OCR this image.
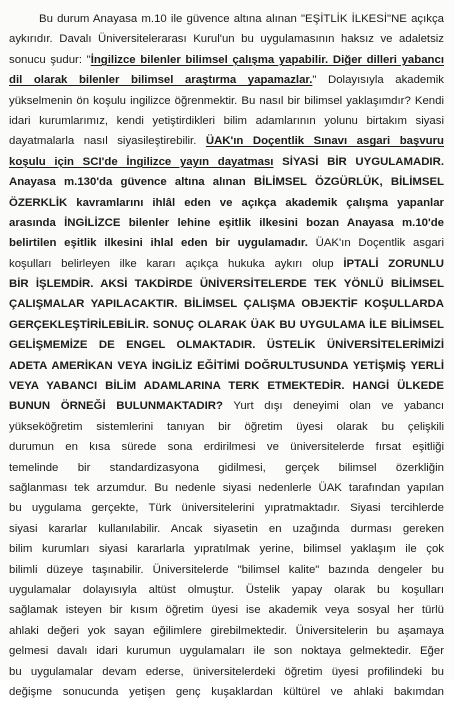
Bu durum Anayasa m.10 ile güvence altına alınan "EŞİTLİK İLKESİ"NE açıkça
aykırıdır. Davalı Üniversitelerarası Kurul'un bu uygulamasının haksız ve adaletsiz
sonucu şudur: "İngilizce bilenler bilimsel çalışma yapabilir. Diğer dilleri yabancı
dil olarak bilenler bilimsel araştırma yapamazlar." Dolayısıyla akademik
yükselmenin ön koşulu ingilizce öğrenmektir. Bu nasıl bir bilimsel yaklaşımdır? Kendi
idari kurumlarımız, kendi yetiştirdikleri bilim adamlarının yolunu birtakım siyasi
dayatmalarla nasıl siyasileştirebilir. ÜAK'ın Doçentlik Sınavı asgari başvuru
koşulu için SCI'de İngilizce yayın dayatması SİYASİ BİR UYGULAMADIR.
Anayasa m.130'da güvence altına alınan BİLİMSEL ÖZGÜRLÜK, BİLİMSEL
ÖZERKLİK kavramlarını ihlâl eden ve açıkça akademik çalışma yapanlar
arasında İNGİLİZCE bilenler lehine eşitlik ilkesini bozan Anayasa m.10'de
belirtilen eşitlik ilkesini ihlal eden bir uygulamadır. ÜAK'ın Doçentlik asgari
koşulları belirleyen ilke kararı açıkça hukuka aykırı olup İPTALİ ZORUNLU
BİR İŞLEMDİR. AKSİ TAKDİRDE ÜNİVERSİTELERDE TEK YÖNLÜ BİLİMSEL
ÇALIŞMALAR YAPILACAKTIR. BİLİMSEL ÇALIŞMA OBJEKTİF KOŞULLARDA
GERÇEKLEŞTİRİLEBİLİR. SONUÇ OLARAK ÜAK BU UYGULAMA İLE BİLİMSEL
GELİŞMEMİZE DE ENGEL OLMAKTADIR. ÜSTELİK ÜNİVERSİTELERİMİZİ
ADETA AMERİKAN VEYA İNGİLİZ EĞİTİMİ DOĞRULTUSUNDA YETİŞMİŞ YERLİ
VEYA YABANCI BİLİM ADAMLARINA TERK ETMEKTEDİR. HANGİ ÜLKEDE
BUNUN ÖRNEĞİ BULUNMAKTADIR? Yurt dışı deneyimi olan ve yabancı
yükseköğretim sistemlerini tanıyan bir öğretim üyesi olarak bu çelişkili
durumun en kısa sürede sona erdirilmesi ve üniversitelerde fırsat eşitliği
temelinde bir standardizasyona gidilmesi, gerçek bilimsel özerkliğin
sağlanması tek arzumdur. Bu nedenle siyasi nedenlerle ÜAK tarafından yapılan
bu uygulama gerçekte, Türk üniversitelerini yıpratmaktadır. Siyasi tercihlerde
siyasi kararlar kullanılabilir. Ancak siyasetin en uzağında durması gereken
bilim kurumları siyasi kararlarla yıpratılmak yerine, bilimsel yaklaşım ile çok
bilimli düzeye taşınabilir. Üniversitelerde "bilimsel kalite" bazında dengeler bu
uygulamalar dolayısıyla altüst olmuştur. Üstelik yapay olarak bu koşulları
sağlamak isteyen bir kısım öğretim üyesi ise akademik veya sosyal her türlü
ahlaki değeri yok sayan eğilimlere girebilmektedir. Üniversitelerin bu aşamaya
gelmesi davalı idari kurumun uygulamaları ile son noktaya gelmektedir. Eğer
bu uygulamalar devam ederse, üniversitelerdeki öğretim üyesi profilindeki bu
değişme sonucunda yetişen genç kuşaklardan kültürel ve ahlaki bakımdan
